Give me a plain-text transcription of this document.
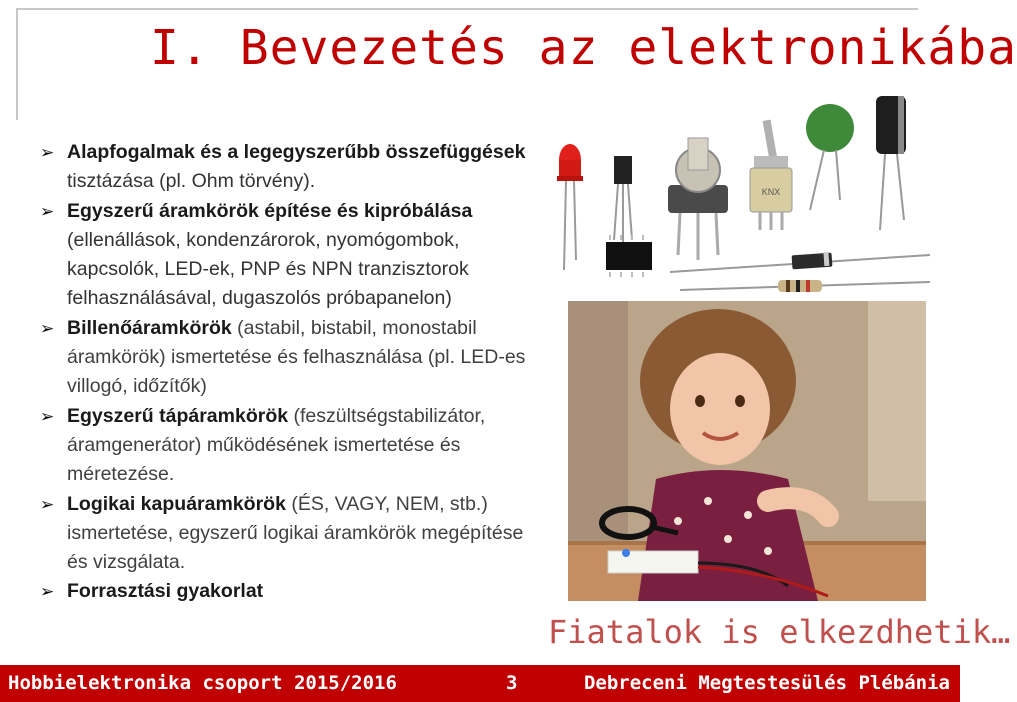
I. Bevezetés az elektronikába
➢ Alapfogalmak és a legegyszerűbb összefüggések tisztázása (pl. Ohm törvény).
➢ Egyszerű áramkörök építése és kipróbálása (ellenállások, kondenzárorok, nyomógombok, kapcsolók, LED-ek, PNP és NPN tranzisztorok felhasználásával, dugaszolós próbapanelon)
➢ Billenőáramkörök (astabil, bistabil, monostabil áramkörök) ismertetése és felhasználása (pl. LED-es villogó, időzítők)
➢ Egyszerű tápáramkörök (feszültségstabilizátor, áramgenerátor) működésének ismertetése és méretezése.
➢ Logikai kapuáramkörök (ÉS, VAGY, NEM, stb.) ismertetése, egyszerű logikai áramkörök megépítése és vizsgálata.
➢ Forrasztási gyakorlat
KNX
Fiatalok is elkezdhetik…
Hobbielektronika csoport 2015/2016	3	Debreceni Megtestesülés Plébánia
